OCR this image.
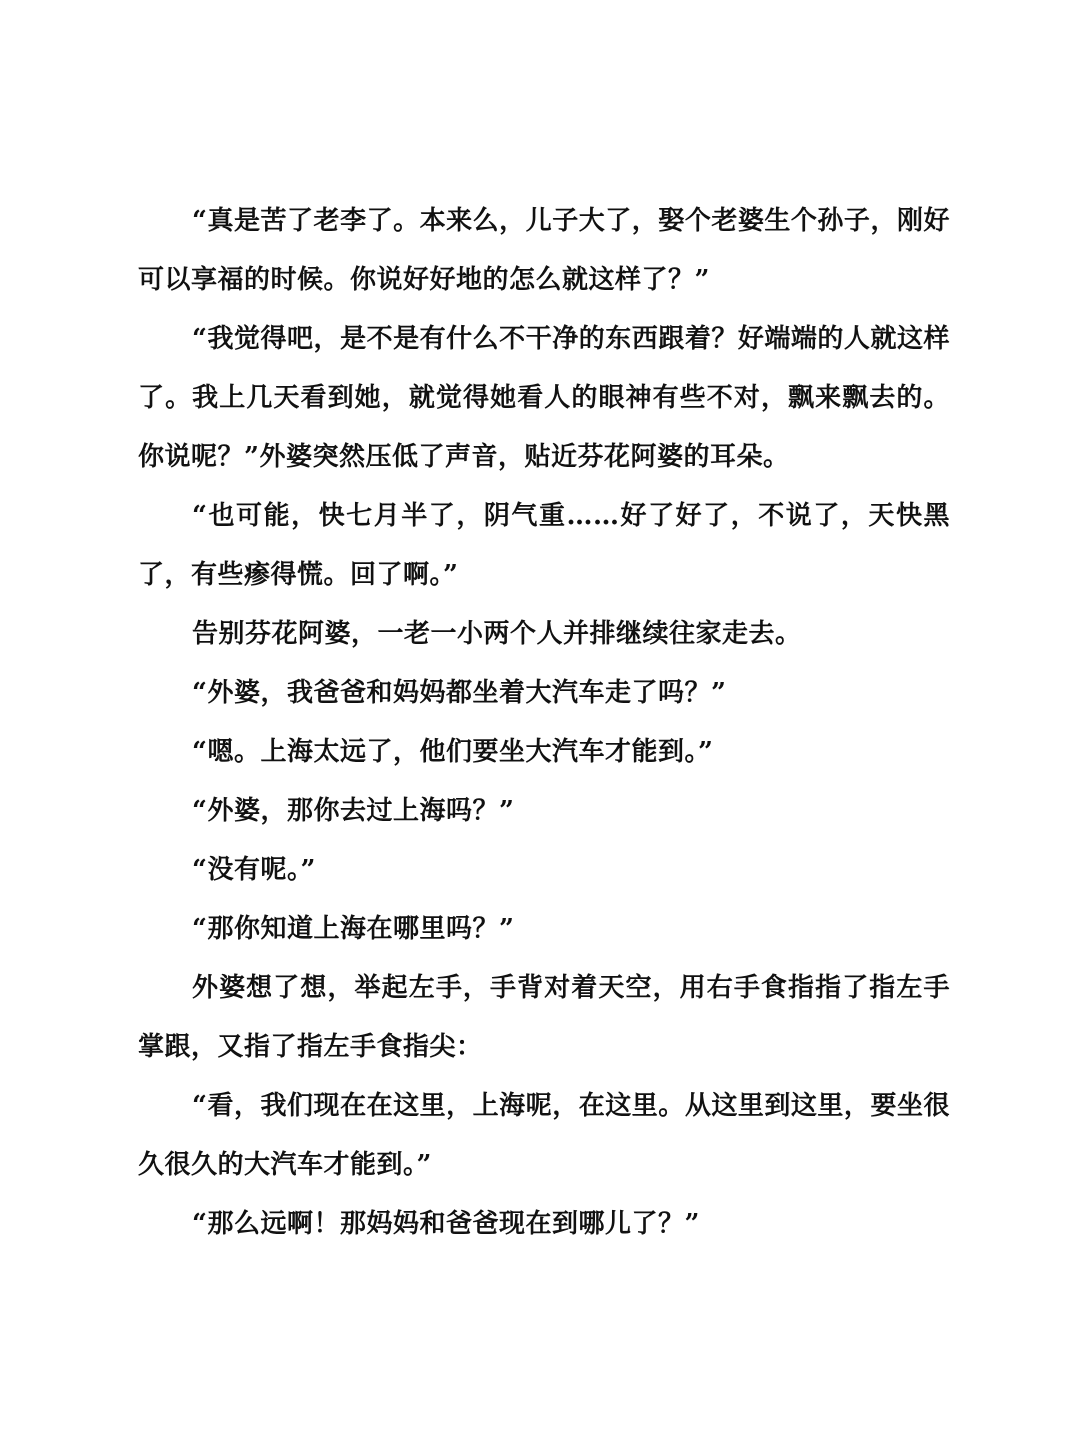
“真是苦了老李了。本来么，儿子大了，娶个老婆生个孙子，刚好可以享福的时候。你说好好地的怎么就这样了？”

“我觉得吧，是不是有什么不干净的东西跟着？好端端的人就这样了。我上几天看到她，就觉得她看人的眼神有些不对，飘来飘去的。你说呢？”外婆突然压低了声音，贴近芬花阿婆的耳朵。

“也可能，快七月半了，阴气重……好了好了，不说了，天快黑了，有些瘆得慌。回了啊。”

告别芬花阿婆，一老一小两个人并排继续往家走去。

“外婆，我爸爸和妈妈都坐着大汽车走了吗？”

“嗯。上海太远了，他们要坐大汽车才能到。”

“外婆，那你去过上海吗？”

“没有呢。”

“那你知道上海在哪里吗？”

外婆想了想，举起左手，手背对着天空，用右手食指指了指左手掌跟，又指了指左手食指尖：

“看，我们现在在这里，上海呢，在这里。从这里到这里，要坐很久很久的大汽车才能到。”

“那么远啊！那妈妈和爸爸现在到哪儿了？”
